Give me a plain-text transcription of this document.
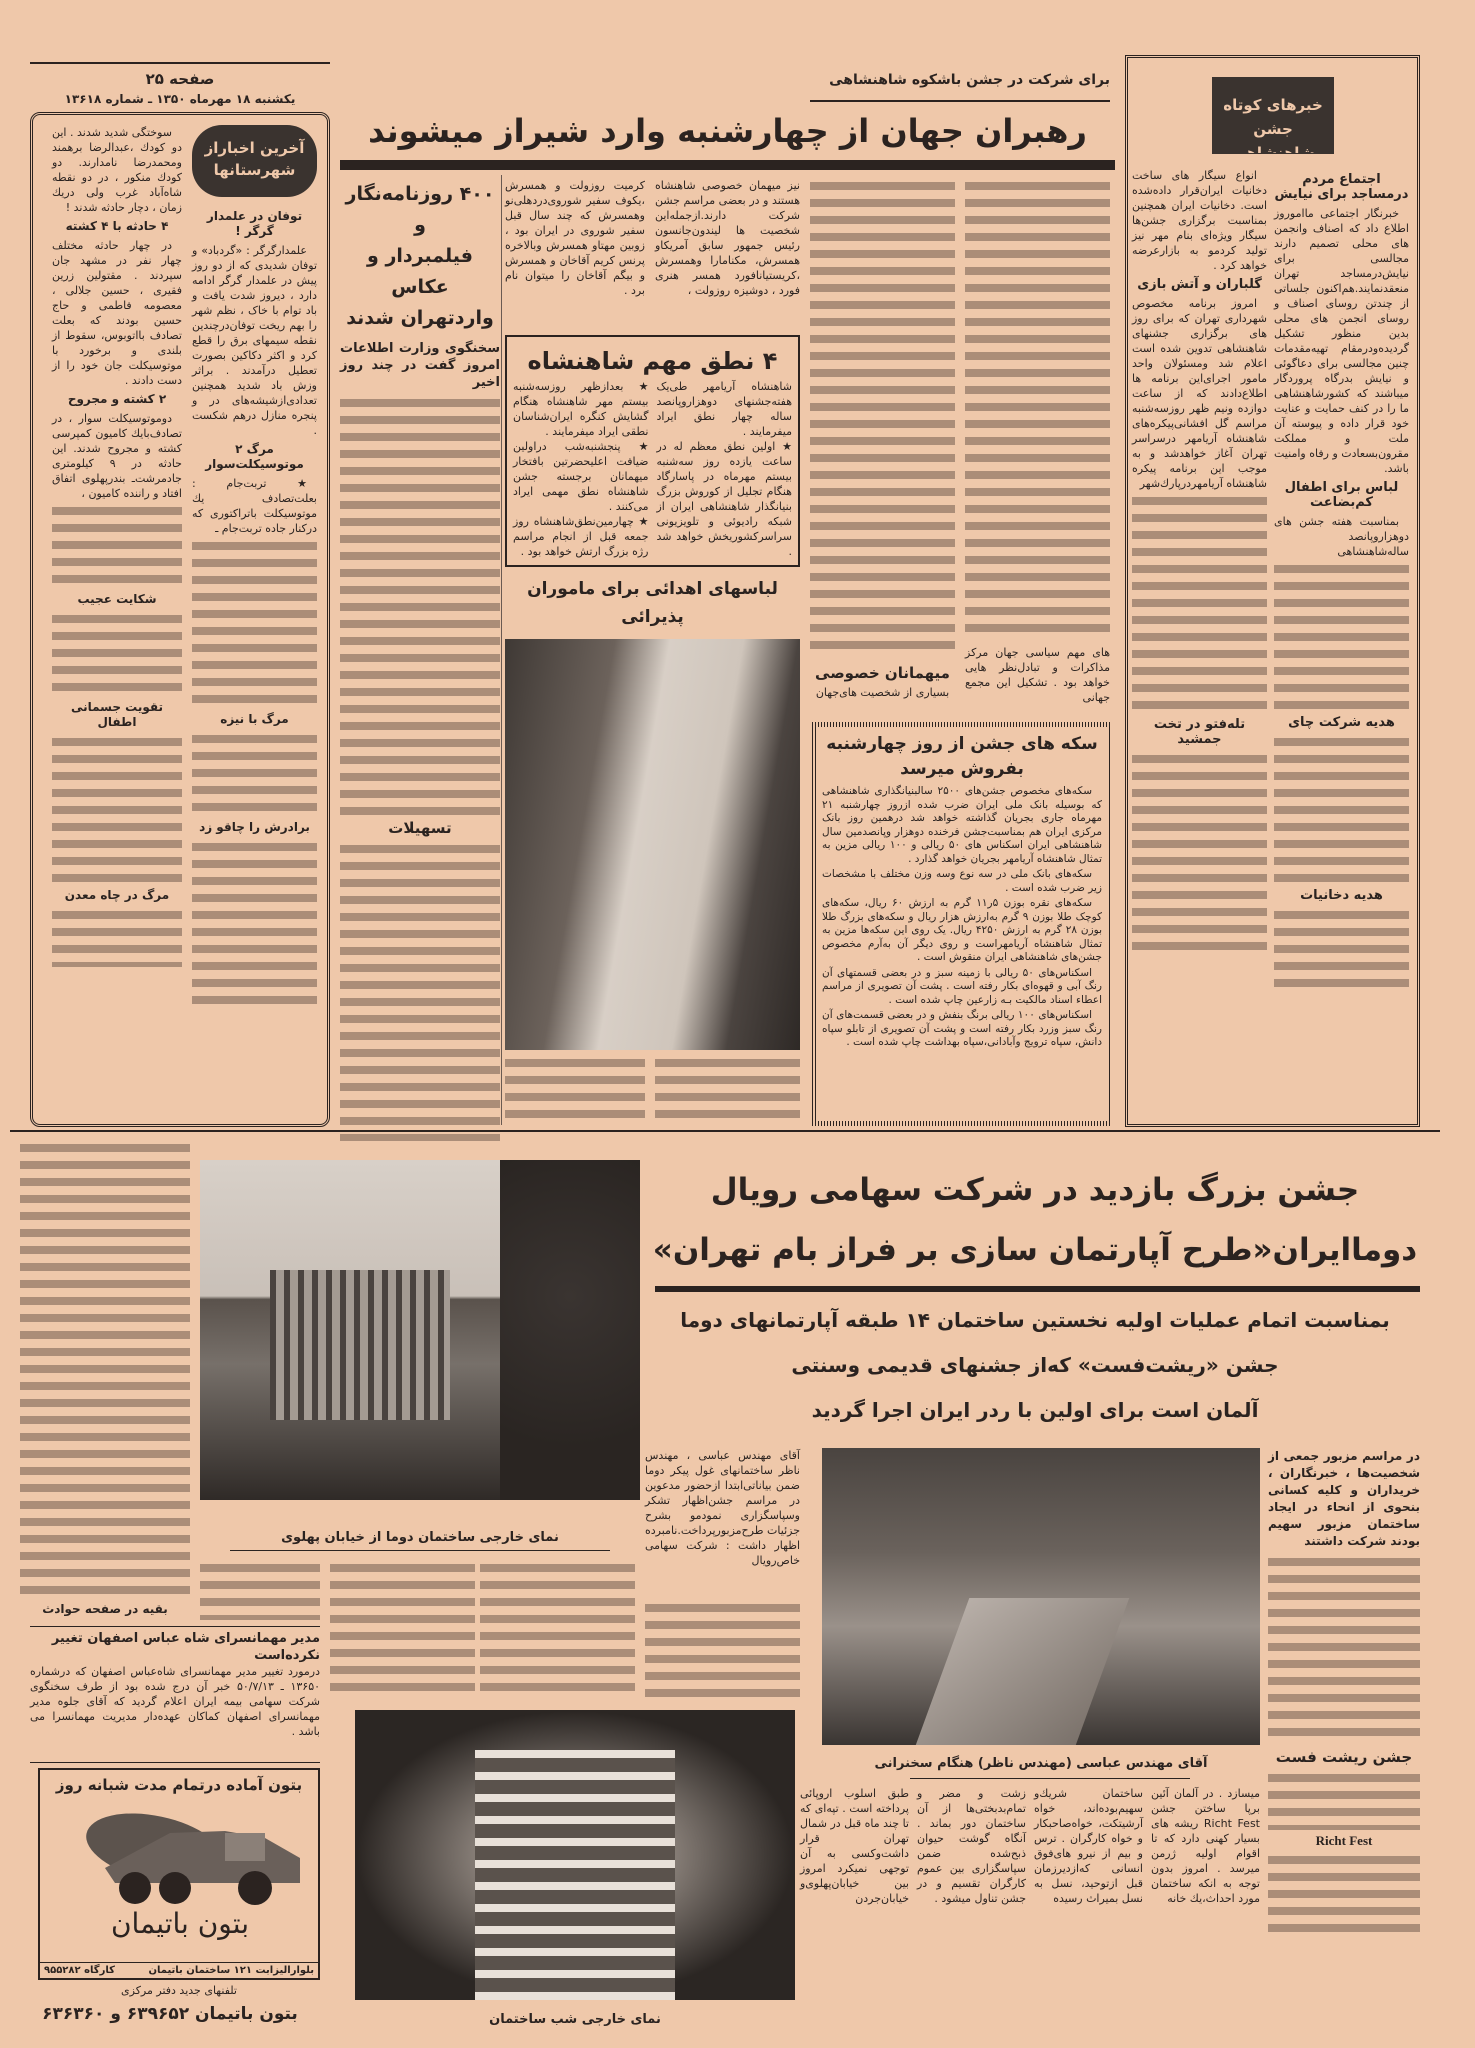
صفحه ۲۵
یکشنبه ۱۸ مهرماه ۱۳۵۰ ـ شماره ۱۳۶۱۸
آخرین اخباراز
شهرستانها
توفان در علمدار گرگر !

علمدارگرگر : «گردباد» و توفان شدیدی که از دو روز پیش در علمدار گرگر ادامه دارد ، دیروز شدت یافت و باد توام با خاک ، نظم شهر را بهم ریخت توفان‌درچندین نقطه سیمهای برق را قطع کرد و اکثر دکاکین بصورت تعطیل درآمدند . براثر وزش باد شدید همچنین تعدادی‌ازشیشه‌های در و پنجره منازل درهم شکست .

مرگ ۲ موتوسیکلت‌سوار

★ تربت‌جام : بعلت‌تصادف یك موتوسیكلت باتراکتوری که درکنار جاده تربت‌جام ـ

مرگ با نیزه
برادرش را چاقو زد

سوختگی شدید شدند . این دو کودك ،عبدالرضا برهمند ومحمدرضا نامدارند. دو کودك منکور ، در دو نقطه شاه‌آباد غرب ولی دریك زمان ، دچار حادثه شدند !

۴ حادثه با ۴ کشته

در چهار حادثه مختلف چهار نفر در مشهد جان سپردند . مقتولین زرین فقیری ، حسین جلالی ، معصومه فاطمی و حاج حسین بودند که بعلت تصادف بااتوبوس، سقوط از بلندی و برخورد با موتوسیکلت جان خود را از دست دادند .

۲ کشته و مجروح

دوموتوسیکلت سوار ، در تصادف‌بایك کامیون کمپرسی کشته و مجروح شدند. این حادثه در ۹ کیلومتری جادمرشت‌ـ بندرپهلوی اتفاق افتاد و راننده کامیون ،

شکایت عجیب
تقویت جسمانی اطفال
مرگ در چاه معدن
برای شرکت در جشن باشکوه شاهنشاهی
رهبران جهان از چهارشنبه وارد شیراز میشوند
۴۰۰ روزنامه‌نگار و
فیلمبردار و عکاس
واردتهران شدند
سخنگوی وزارت اطلاعات امروز گفت در چند روز اخیر
تسهیلات
کرمیت روزولت و همسرش ،یکوف سفیر شوروی‌دردهلی‌نو وهمسرش که چند سال قبل سفیر شوروی در ایران بود ، زوبین مهتاو همسرش وبالاخره پرنس کریم آقاخان و همسرش و بیگم آقاخان را میتوان نام برد .
نیز میهمان خصوصی شاهنشاه هستند و در بعضی مراسم جشن شرکت دارند.ازجمله‌این شخصیت ها لیندون‌جانسون رئیس جمهور سابق آمریکاو همسرش، مکنامارا وهمسرش ،کریستیانافورد همسر هنری فورد ، دوشیزه روزولت ،
های مهم سیاسی جهان مرکز مذاکرات و تبادل‌نظر هایی خواهد بود . تشکیل این مجمع جهانی
میهمانان خصوصی
بسیاری از شخصیت های‌جهان
۴ نطق مهم شاهنشاه

شاهنشاه آریامهر طی‌یک هفته‌جشنهای دوهزاروپانصد ساله چهار نطق ایراد میفرمایند .

★ اولین نطق معظم له در ساعت یازده روز سه‌شنبه بیستم مهرماه در پاسارگاد هنگام تجلیل از کوروش بزرگ بنیانگذار شاهنشاهی ایران از شبکه رادیوئی و تلویزیونی سراسرکشوریخش خواهد شد .

★ بعدازظهر روزسه‌شنبه بیستم مهر شاهنشاه هنگام گشایش کنگره ایران‌شناسان نطقی ایراد میفرمایند .

★ پنجشنبه‌شب دراولین ضیافت اعلیحضرتین بافتخار میهمانان برجسته جشن شاهنشاه نطق مهمی ایراد می‌کنند .

★ چهارمین‌نطق‌شاهنشاه روز جمعه قبل از انجام مراسم رژه بزرگ ارتش خواهد بود .

لباسهای اهدائی برای ماموران پذیرائی
سکه های جشن از روز چهارشنبه
بفروش میرسد

سکه‌های مخصوص جشن‌های ۲۵۰۰ سالبنیانگذاری شاهنشاهی که بوسیله بانک ملی ایران ضرب شده ازروز چهارشنبه ۲۱ مهرماه جاری بجریان گذاشته خواهد شد درهمین روز بانک مرکزی ایران هم بمناسبت‌جشن فرخنده دوهزار وپانصدمین سال شاهنشاهی ایران اسکناس های ۵۰ ریالی و ۱۰۰ ریالی مزین به تمثال شاهنشاه آریامهر بجریان خواهد گذارد .

سکه‌های بانک ملی در سه نوع وسه وزن مختلف با مشخصات زیر ضرب شده است .

سکه‌های نقره بوزن ۵ر۱۱ گرم به ارزش ۶۰ ریال، سکه‌های کوچک طلا بوزن ۹ گرم به‌ارزش هزار ریال و سکه‌های بزرگ طلا بوزن ۲۸ گرم به ارزش ۴۲۵۰ ریال. یک روی این سکه‌ها مزین به تمثال شاهنشاه آریامهراست و روی دیگر آن به‌آرم مخصوص جشن‌های شاهنشاهی ایران منقوش است .

اسکناس‌های ۵۰ ریالی با زمینه سبز و در بعضی قسمتهای آن رنگ آبی و قهوه‌ای بکار رفته است . پشت آن تصویری از مراسم اعطاء اسناد مالکیت بـه زارعین چاپ شده است .

اسکناس‌های ۱۰۰ ریالی برنگ بنفش و در بعضی قسمت‌های آن رنگ سبز وزرد بکار رفته است و پشت آن تصویری از تابلو سپاه دانش، سپاه ترویج وآبادانی،سپاه بهداشت چاپ شده است .

خبرهای کوتاه
جشن شاهنشاهی
اجتماع مردم درمساجد برای نیایش

خبرنگار اجتماعی مااموروز اطلاع داد که اصناف وانجمن های محلی تصمیم دارند مجالسی برای نیایش‌درمساجد تهران منعقدنمایند.هم‌اکنون جلساتی از چندتن روسای اصناف و روسای انجمن های محلی بدین منظور تشکیل گردیده‌ودرمقام تهیه‌مقدمات چنین مجالسی برای دعاگوئی و نیایش بدرگاه پروردگار میباشند که کشورشاهنشاهی ما را در کنف حمایت و عنایت خود قرار داده و پیوسته آن ملت و مملکت مقرون‌بسعادت و رفاه وامنیت باشد.

لباس برای اطفال کم‌بضاعت

بمناسبت هفته جشن های دوهزاروپانصد ساله‌شاهنشاهی

هدیه شرکت چای
هدیه دخانیات

انواع سیگار های ساخت دخانیات ایران‌قرار داده‌شده است. دخانیات ایران همچنین بمناسبت برگزاری جشن‌ها سیگار ویژه‌ای بنام مهر نیز تولید کردمو به بازارعرضه خواهد کرد .

گلباران و آتش بازی

امروز برنامه مخصوص شهرداری تهران که برای روز های برگزاری جشنهای شاهنشاهی تدوین شده است اعلام شد ومسئولان واحد مامور اجرای‌این برنامه ها اطلاع‌دادند که از ساعت دوازده ونیم ظهر روزسه‌شنبه مراسم گل افشانی‌پیکره‌های شاهنشاه آریامهر درسراسر تهران آغاز خواهدشد و به موجب این برنامه پیکره شاهنشاه آریامهردرپارك‌شهر

تله‌فتو در تخت جمشید
بقیه در صفحه حوادث
مدیر مهمانسرای شاه عباس اصفهان تغییر نکرده‌است
درمورد تغییر مدیر مهمانسرای شاه‌عباس اصفهان که درشماره ۱۳۶۵۰ ـ ۵۰/۷/۱۳ خبر آن درج شده بود از طرف سخنگوی شرکت سهامی بیمه ایران اعلام گردید که آقای جلوه مدیر مهمانسرای اصفهان کماکان عهده‌دار مدیریت مهمانسرا می باشد .
بتون آماده درتمام مدت شبانه روز
بتون باتیمان
بلوارالیزابت ۱۲۱ ساختمان باتیمان
کارگاه ۹۵۵۲۸۲
تلفنهای جدید دفتر مرکزی
بتون باتیمان ۶۳۹۶۵۲ و ۶۳۶۳۶۰
نمای خارجی ساختمان دوما از خیابان پهلوی
نمای خارجی شب ساختمان
جشن بزرگ بازدید در شرکت سهامی رویال
دوماایران«طرح آپارتمان سازی بر فراز بام تهران»
بمناسبت اتمام عملیات اولیه نخستین ساختمان ۱۴ طبقه آپارتمانهای دوما
جشن «ریشت‌فست» که‌از جشنهای قدیمی وسنتی
آلمان است برای اولین با ردر ایران اجرا گردید
آقای مهندس عباسی ، مهندس ناظر ساختمانهای غول پیکر دوما ضمن بیاناتی‌ابتدا ازحضور مدعوین در مراسم جشن‌اظهار تشکر وسپاسگزاری نمودمو بشرح جزئیات طرح‌مزبورپرداخت.نامبرده اظهار داشت : شرکت سهامی خاص‌رویال
آقای مهندس عباسی (مهندس ناظر) هنگام سخنرانی
در مراسم مزبور جمعی از شخصیت‌ها ، خبرنگاران ، خریداران و کلیه کسانی بنحوی از انحاء در ایجاد ساختمان مزبور سهیم بودند شرکت داشتند
جشن ریشت فست
Richt Fest
میسازد . در آلمان آئین برپا ساختن جشن Richt Fest ریشه های بسیار کهنی دارد که تا اقوام اولیه ژرمن میرسد . امروز بدون توجه به انکه ساختمان مورد احداث،یك خانه
ساختمان شریك‌و سهیم‌بوده‌اند، خواه آرشیتکت، خواه‌صاحبکار و خواه کارگران . ترس و بیم از نیرو های‌فوق انسانی که‌ازدیرزمان قبل ازتوحید، نسل به نسل بمیراث رسیده
زشت و مضر و تمام‌بدبختی‌ها از آن ساختمان دور بماند . آنگاه گوشت حیوان ذبح‌شده ضمن سپاسگزاری بین عموم کارگران تقسیم و در جشن تناول میشود .
طبق اسلوب اروپائی پرداخته است . تپه‌ای که تا چند ماه قبل در شمال تهران قرار داشت‌وکسی به آن توجهی نمیکرد امروز بین خیابان‌پهلوی‌و خیابان‌جردن
